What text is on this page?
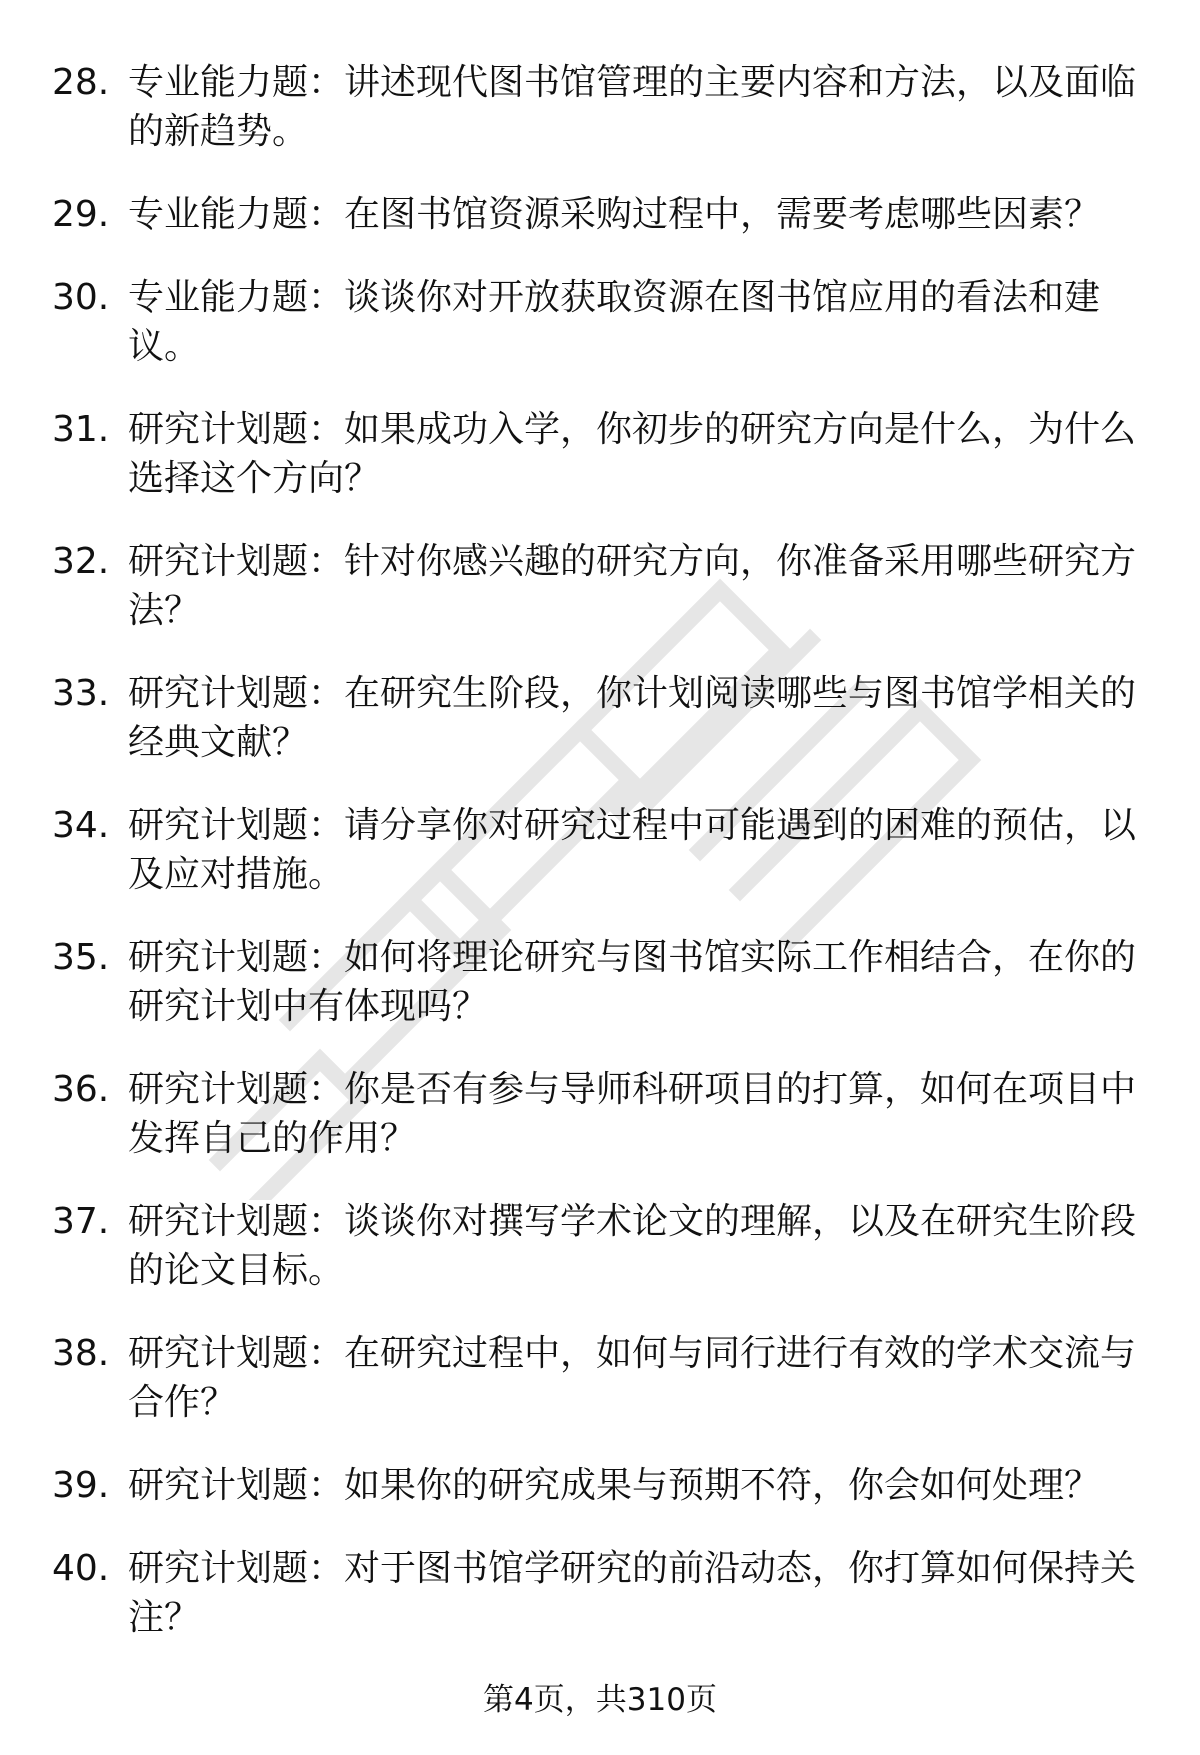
28. 专业能力题：讲述现代图书馆管理的主要内容和方法，以及面临的新趋势。
29. 专业能力题：在图书馆资源采购过程中，需要考虑哪些因素？
30. 专业能力题：谈谈你对开放获取资源在图书馆应用的看法和建议。
31. 研究计划题：如果成功入学，你初步的研究方向是什么，为什么选择这个方向？
32. 研究计划题：针对你感兴趣的研究方向，你准备采用哪些研究方法？
33. 研究计划题：在研究生阶段，你计划阅读哪些与图书馆学相关的经典文献？
34. 研究计划题：请分享你对研究过程中可能遇到的困难的预估，以及应对措施。
35. 研究计划题：如何将理论研究与图书馆实际工作相结合，在你的研究计划中有体现吗？
36. 研究计划题：你是否有参与导师科研项目的打算，如何在项目中发挥自己的作用？
37. 研究计划题：谈谈你对撰写学术论文的理解，以及在研究生阶段的论文目标。
38. 研究计划题：在研究过程中，如何与同行进行有效的学术交流与合作？
39. 研究计划题：如果你的研究成果与预期不符，你会如何处理？
40. 研究计划题：对于图书馆学研究的前沿动态，你打算如何保持关注？
第4页，共310页
